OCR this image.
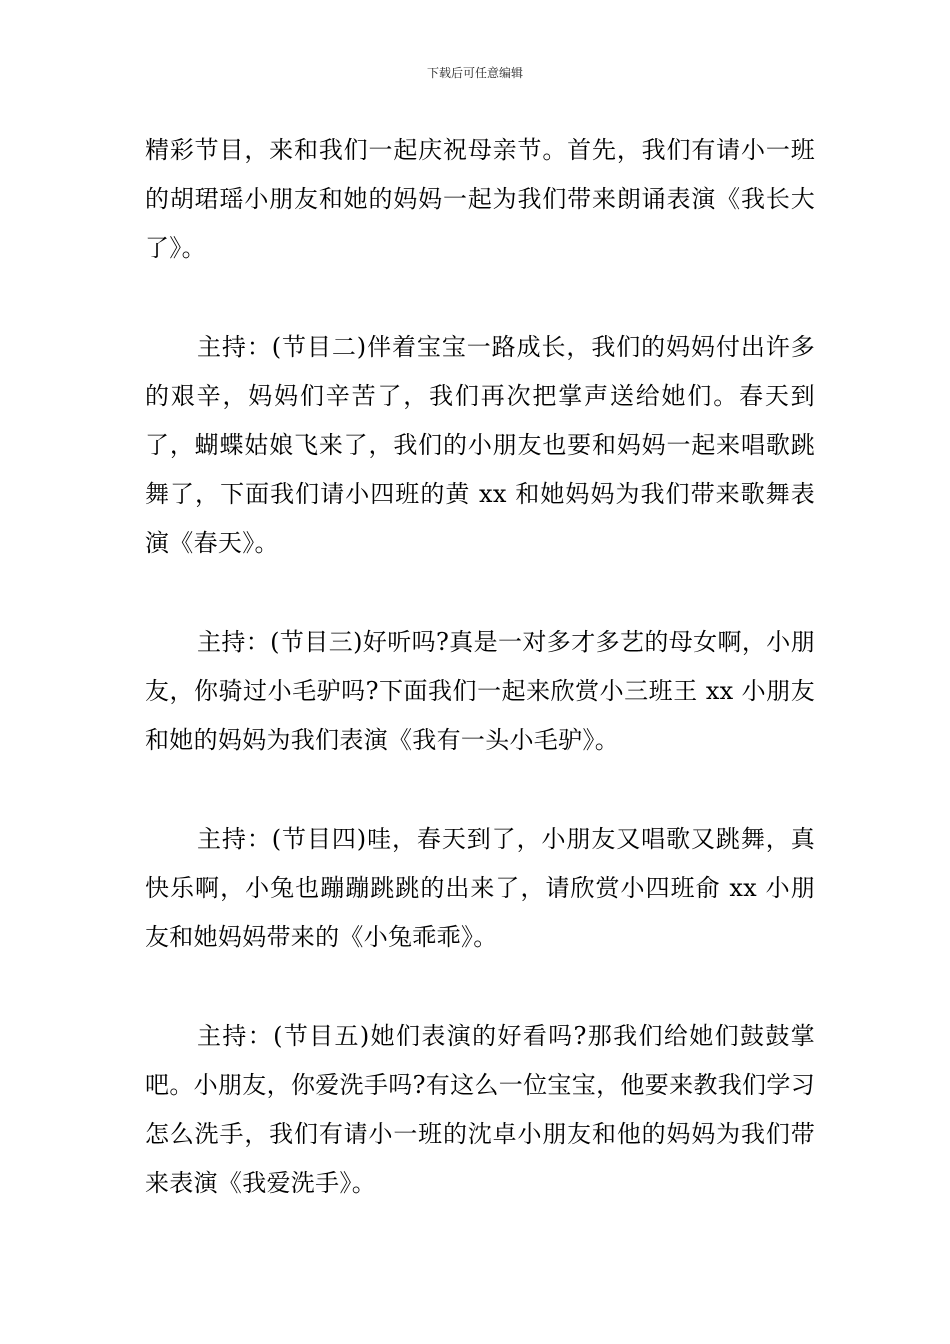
下载后可任意编辑

精彩节目，来和我们一起庆祝母亲节。首先，我们有请小一班的胡珺瑶小朋友和她的妈妈一起为我们带来朗诵表演《我长大了》。

主持：(节目二)伴着宝宝一路成长，我们的妈妈付出许多的艰辛，妈妈们辛苦了，我们再次把掌声送给她们。春天到了，蝴蝶姑娘飞来了，我们的小朋友也要和妈妈一起来唱歌跳舞了，下面我们请小四班的黄 xx 和她妈妈为我们带来歌舞表演《春天》。

主持：(节目三)好听吗?真是一对多才多艺的母女啊，小朋友，你骑过小毛驴吗?下面我们一起来欣赏小三班王 xx 小朋友和她的妈妈为我们表演《我有一头小毛驴》。

主持：(节目四)哇，春天到了，小朋友又唱歌又跳舞，真快乐啊，小兔也蹦蹦跳跳的出来了，请欣赏小四班俞 xx 小朋友和她妈妈带来的《小兔乖乖》。

主持：(节目五)她们表演的好看吗?那我们给她们鼓鼓掌吧。小朋友，你爱洗手吗?有这么一位宝宝，他要来教我们学习怎么洗手，我们有请小一班的沈卓小朋友和他的妈妈为我们带来表演《我爱洗手》。
